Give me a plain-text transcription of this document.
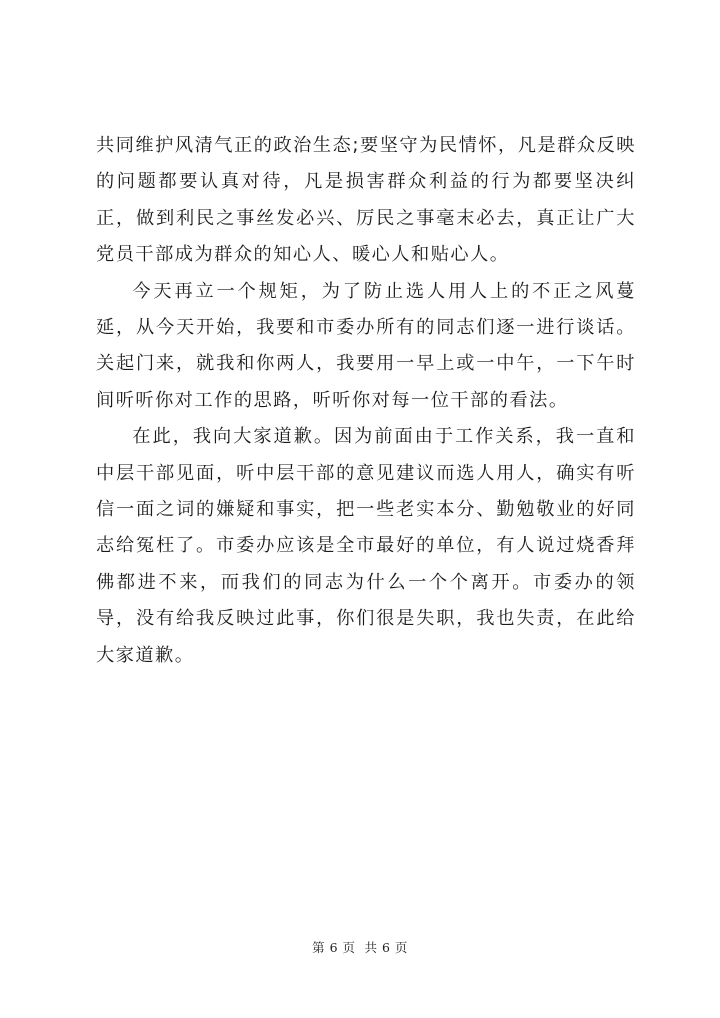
共同维护风清气正的政治生态;要坚守为民情怀，凡是群众反映的问题都要认真对待，凡是损害群众利益的行为都要坚决纠正，做到利民之事丝发必兴、厉民之事毫末必去，真正让广大党员干部成为群众的知心人、暖心人和贴心人。

今天再立一个规矩，为了防止选人用人上的不正之风蔓延，从今天开始，我要和市委办所有的同志们逐一进行谈话。关起门来，就我和你两人，我要用一早上或一中午，一下午时间听听你对工作的思路，听听你对每一位干部的看法。

在此，我向大家道歉。因为前面由于工作关系，我一直和中层干部见面，听中层干部的意见建议而选人用人，确实有听信一面之词的嫌疑和事实，把一些老实本分、勤勉敬业的好同志给冤枉了。市委办应该是全市最好的单位，有人说过烧香拜佛都进不来，而我们的同志为什么一个个离开。市委办的领导，没有给我反映过此事，你们很是失职，我也失责，在此给大家道歉。

第 6 页  共 6 页
